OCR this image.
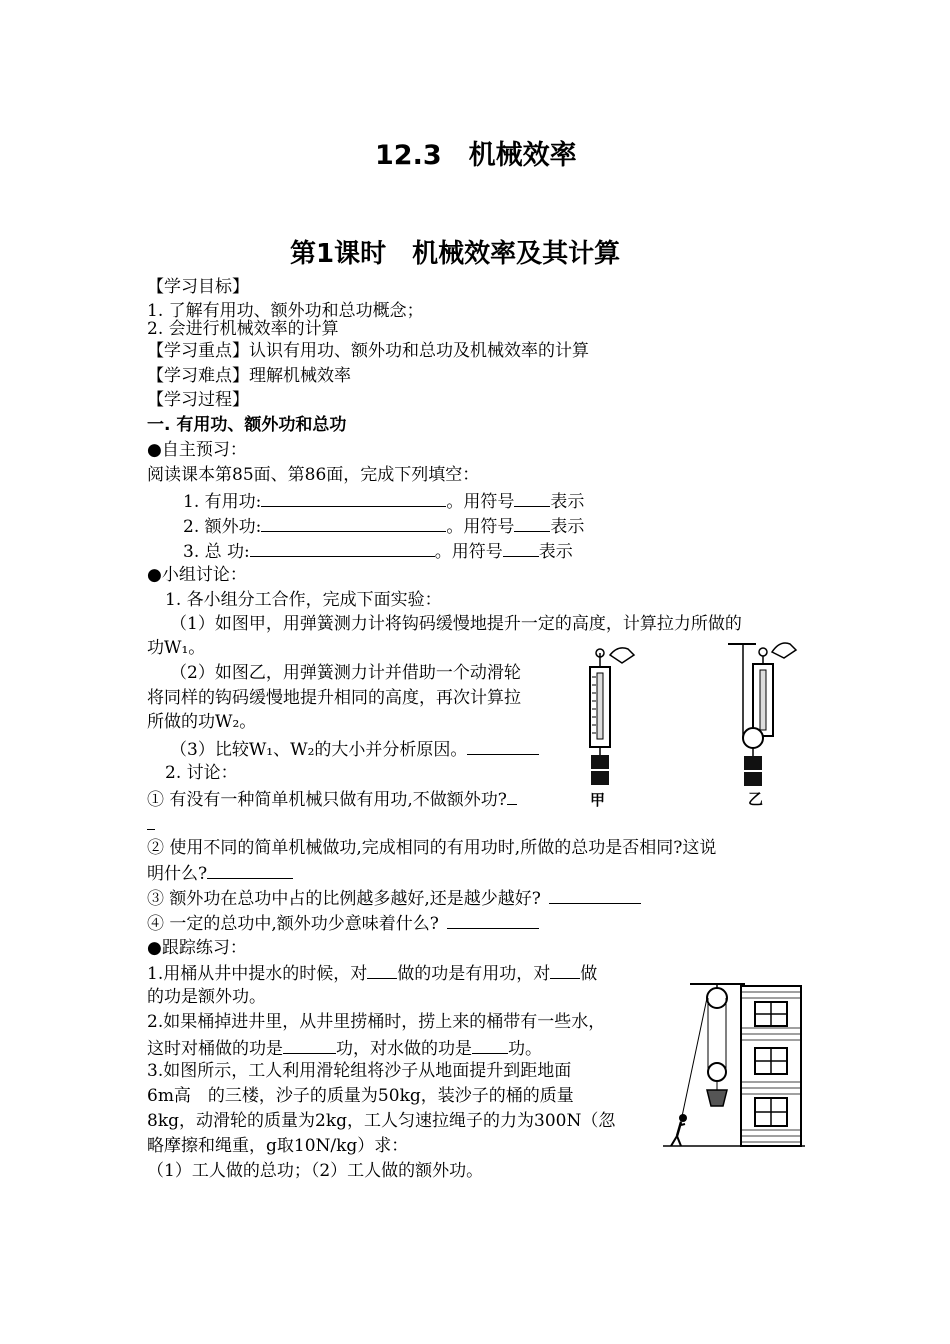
12.3　机械效率
第1课时　机械效率及其计算
【学习目标】
1. 了解有用功、额外功和总功概念；
2. 会进行机械效率的计算
【学习重点】认识有用功、额外功和总功及机械效率的计算
【学习难点】理解机械效率
【学习过程】
一. 有用功、额外功和总功
●自主预习：
阅读课本第85面、第86面，完成下列填空：
1. 有用功:	。用符号 表示
2. 额外功:	。用符号 表示
3. 总 功:	。用符号 表示
●小组讨论：
1. 各小组分工合作，完成下面实验：
（1）如图甲，用弹簧测力计将钩码缓慢地提升一定的高度，计算拉力所做的
功W₁。
（2）如图乙，用弹簧测力计并借助一个动滑轮
将同样的钩码缓慢地提升相同的高度，再次计算拉
所做的功W₂。
（3）比较W₁、W₂的大小并分析原因。
2. 讨论：
① 有没有一种简单机械只做有用功,不做额外功?
② 使用不同的简单机械做功,完成相同的有用功时,所做的总功是否相同?这说
明什么?
③ 额外功在总功中占的比例越多越好,还是越少越好?
④ 一定的总功中,额外功少意味着什么?
●跟踪练习：
1.用桶从井中提水的时候，对 做的功是有用功，对 做
的功是额外功。
2.如果桶掉进井里，从井里捞桶时，捞上来的桶带有一些水，
这时对桶做的功是	功，对水做的功是 功。
3.如图所示，工人利用滑轮组将沙子从地面提升到距地面
6m高　的三楼，沙子的质量为50kg，装沙子的桶的质量
8kg，动滑轮的质量为2kg，工人匀速拉绳子的力为300N（忽
略摩擦和绳重，g取10N/kg）求：
（1）工人做的总功；（2）工人做的额外功。
甲	乙
